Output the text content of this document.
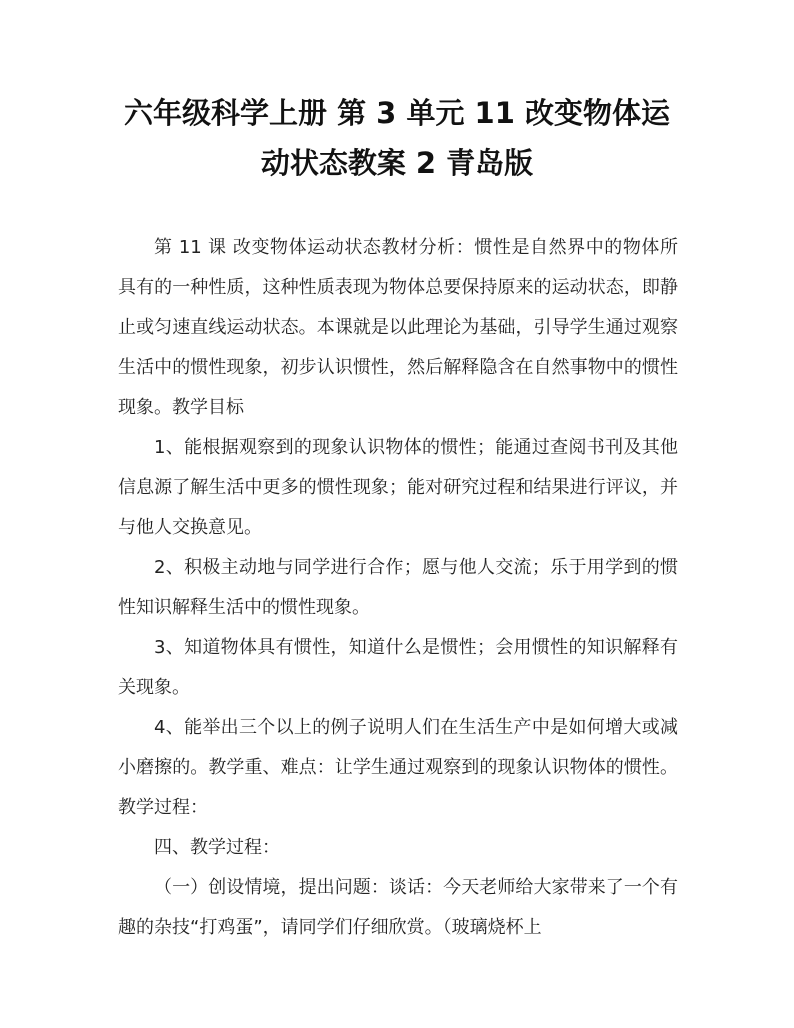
六年级科学上册 第 3 单元 11 改变物体运动状态教案 2 青岛版

第 11 课 改变物体运动状态教材分析：惯性是自然界中的物体所具有的一种性质，这种性质表现为物体总要保持原来的运动状态，即静止或匀速直线运动状态。本课就是以此理论为基础，引导学生通过观察生活中的惯性现象，初步认识惯性，然后解释隐含在自然事物中的惯性现象。教学目标

1、能根据观察到的现象认识物体的惯性；能通过查阅书刊及其他信息源了解生活中更多的惯性现象；能对研究过程和结果进行评议，并与他人交换意见。

2、积极主动地与同学进行合作；愿与他人交流；乐于用学到的惯性知识解释生活中的惯性现象。

3、知道物体具有惯性，知道什么是惯性；会用惯性的知识解释有关现象。

4、能举出三个以上的例子说明人们在生活生产中是如何增大或减小磨擦的。教学重、难点：让学生通过观察到的现象认识物体的惯性。教学过程：

四、教学过程：

（一）创设情境，提出问题：谈话：今天老师给大家带来了一个有趣的杂技“打鸡蛋”，请同学们仔细欣赏。（玻璃烧杯上
